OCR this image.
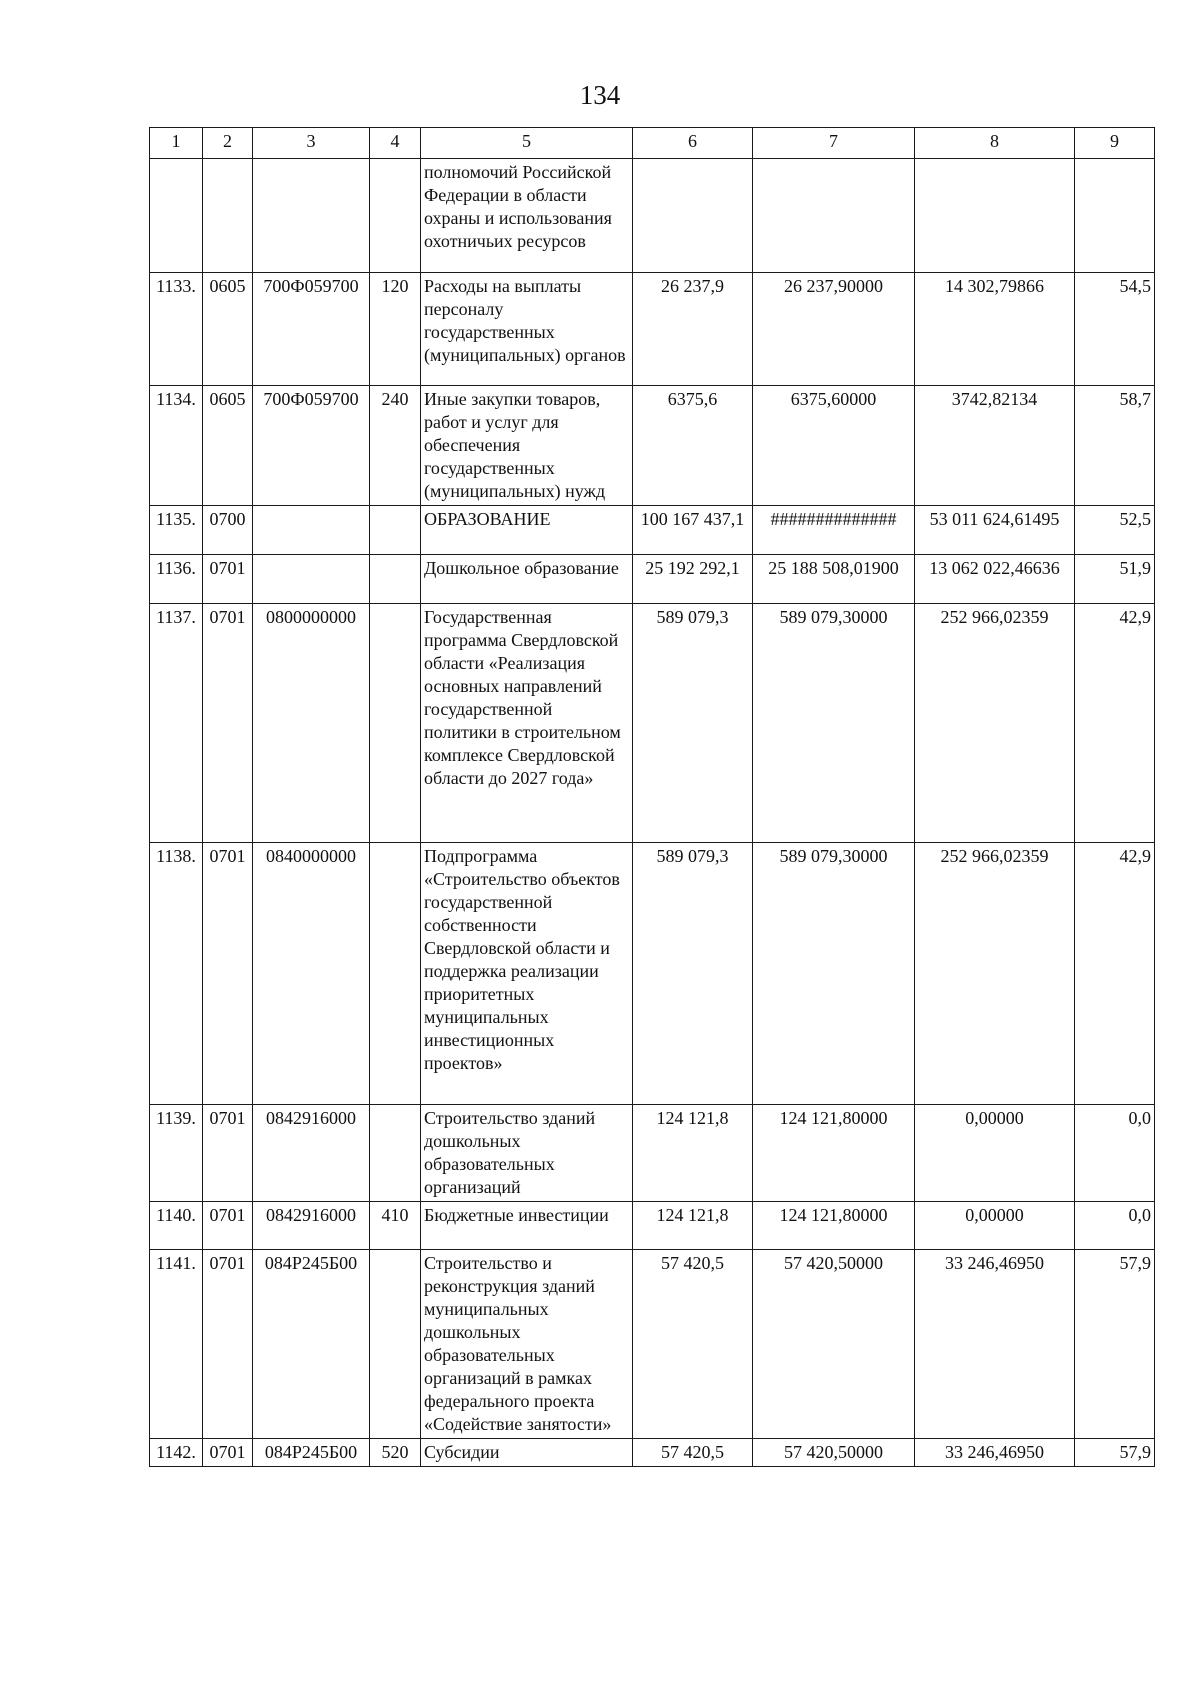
134
1	2	3	4	5	6	7	8	9
				полномочий Российской Федерации в области охраны и использования охотничьих ресурсов				
1133.	0605	700Ф059700	120	Расходы на выплаты персоналу государственных (муниципальных) органов	26 237,9	26 237,90000	14 302,79866	54,5
1134.	0605	700Ф059700	240	Иные закупки товаров, работ и услуг для обеспечения государственных (муниципальных) нужд	6375,6	6375,60000	3742,82134	58,7
1135.	0700			ОБРАЗОВАНИЕ	100 167 437,1	##############	53 011 624,61495	52,5
1136.	0701			Дошкольное образование	25 192 292,1	25 188 508,01900	13 062 022,46636	51,9
1137.	0701	0800000000		Государственная программа Свердловской области «Реализация основных направлений государственной политики в строительном комплексе Свердловской области до 2027 года»	589 079,3	589 079,30000	252 966,02359	42,9
1138.	0701	0840000000		Подпрограмма «Строительство объектов государственной собственности Свердловской области и поддержка реализации приоритетных муниципальных инвестиционных проектов»	589 079,3	589 079,30000	252 966,02359	42,9
1139.	0701	0842916000		Строительство зданий дошкольных образовательных организаций	124 121,8	124 121,80000	0,00000	0,0
1140.	0701	0842916000	410	Бюджетные инвестиции	124 121,8	124 121,80000	0,00000	0,0
1141.	0701	084P245Б00		Строительство и реконструкция зданий муниципальных дошкольных образовательных организаций в рамках федерального проекта «Содействие занятости»	57 420,5	57 420,50000	33 246,46950	57,9
1142.	0701	084P245Б00	520	Субсидии	57 420,5	57 420,50000	33 246,46950	57,9
